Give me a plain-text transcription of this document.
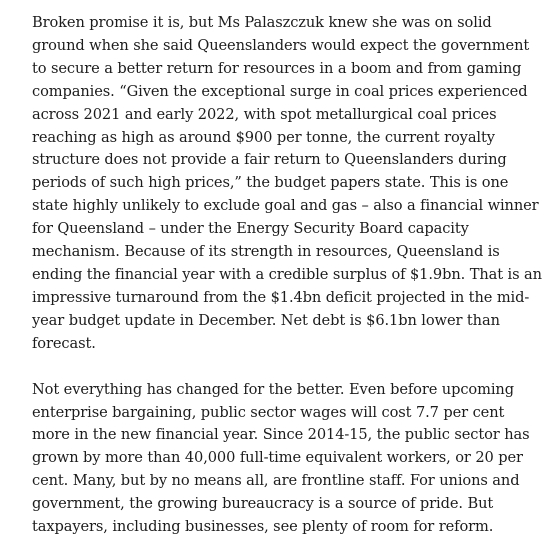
Broken promise it is, but Ms Palaszczuk knew she was on solid ground when she said Queenslanders would expect the government to secure a better return for resources in a boom and from gaming companies. “Given the exceptional surge in coal prices experienced across 2021 and early 2022, with spot metallurgical coal prices reaching as high as around $900 per tonne, the current royalty structure does not provide a fair return to Queenslanders during periods of such high prices,” the budget papers state. This is one state highly unlikely to exclude goal and gas – also a financial winner for Queensland – under the Energy Security Board capacity mechanism. Because of its strength in resources, Queensland is ending the financial year with a credible surplus of $1.9bn. That is an impressive turnaround from the $1.4bn deficit projected in the mid-year budget update in December. Net debt is $6.1bn lower than forecast.

Not everything has changed for the better. Even before upcoming enterprise bargaining, public sector wages will cost 7.7 per cent more in the new financial year. Since 2014-15, the public sector has grown by more than 40,000 full-time equivalent workers, or 20 per cent. Many, but by no means all, are frontline staff. For unions and government, the growing bureaucracy is a source of pride. But taxpayers, including businesses, see plenty of room for reform.
